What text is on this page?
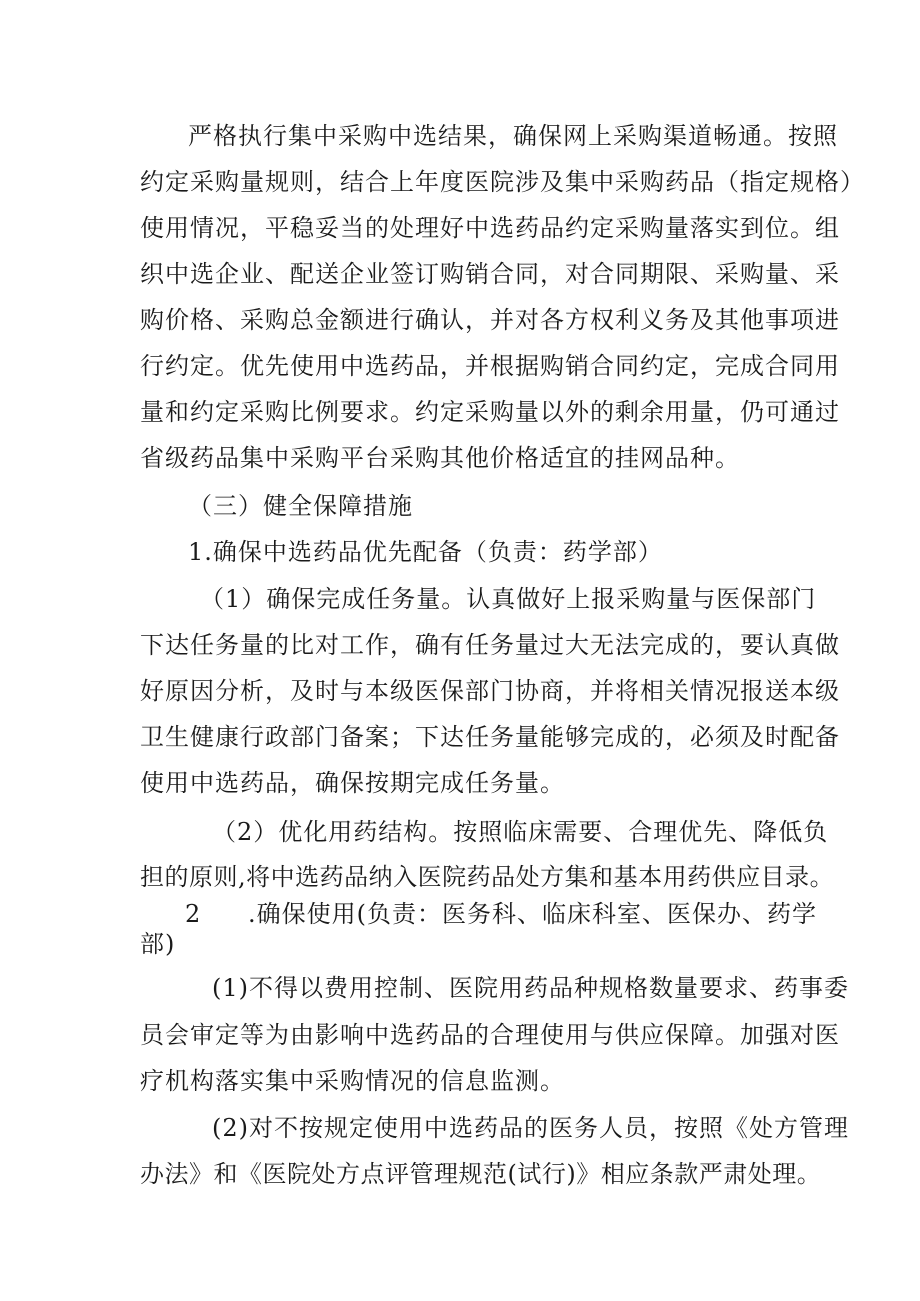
严格执行集中采购中选结果，确保网上采购渠道畅通。按照
约定采购量规则，结合上年度医院涉及集中采购药品（指定规格）
使用情况，平稳妥当的处理好中选药品约定采购量落实到位。组
织中选企业、配送企业签订购销合同，对合同期限、采购量、采
购价格、采购总金额进行确认，并对各方权利义务及其他事项进
行约定。优先使用中选药品，并根据购销合同约定，完成合同用
量和约定采购比例要求。约定采购量以外的剩余用量，仍可通过
省级药品集中采购平台采购其他价格适宜的挂网品种。
（三）健全保障措施
1.确保中选药品优先配备（负责：药学部）
（1）确保完成任务量。认真做好上报采购量与医保部门
下达任务量的比对工作，确有任务量过大无法完成的，要认真做
好原因分析，及时与本级医保部门协商，并将相关情况报送本级
卫生健康行政部门备案；下达任务量能够完成的，必须及时配备
使用中选药品，确保按期完成任务量。
（2）优化用药结构。按照临床需要、合理优先、降低负
担的原则,将中选药品纳入医院药品处方集和基本用药供应目录。
2 .确保使用(负责：医务科、临床科室、医保办、药学
部)
(1)不得以费用控制、医院用药品种规格数量要求、药事委
员会审定等为由影响中选药品的合理使用与供应保障。加强对医
疗机构落实集中采购情况的信息监测。
(2)对不按规定使用中选药品的医务人员，按照《处方管理
办法》和《医院处方点评管理规范(试行)》相应条款严肃处理。
